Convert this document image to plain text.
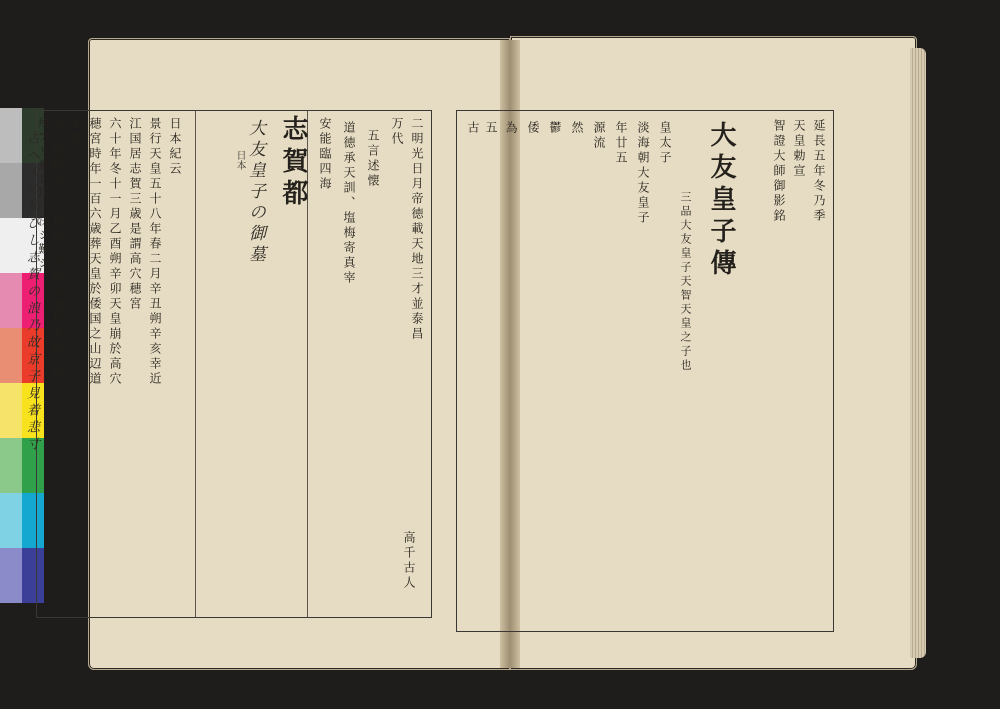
二明光日月帝徳載天地三才並泰昌
万代
五言述懐
道徳承天訓、塩梅寄真宰
安能臨四海
志賀都
大友皇子の御墓
日本紀云
景行天皇五十八年春二月辛丑朔辛亥幸近
江国居志賀三歳是謂高穴穂宮
六十年冬十一月乙酉朔辛卯天皇崩於高穴
穂宮時年一百六歳葬天皇於倭国之山辺道
上陵
前王廟陵記云大和国山辺郡上麓村東陵一箇
所アリ然レ圧一決シ難シ
古へ人の和ひし志賀の浪乃故京子見着悲寸
高千古人
延長五年冬乃季
天皇勅宣
智證大師御影銘
大友皇子傳
三品大友皇子天智天皇之子也
皇太子
淡海朝大友皇子
年廿五
源流
然
鬱
倭
為
五
古
日本
